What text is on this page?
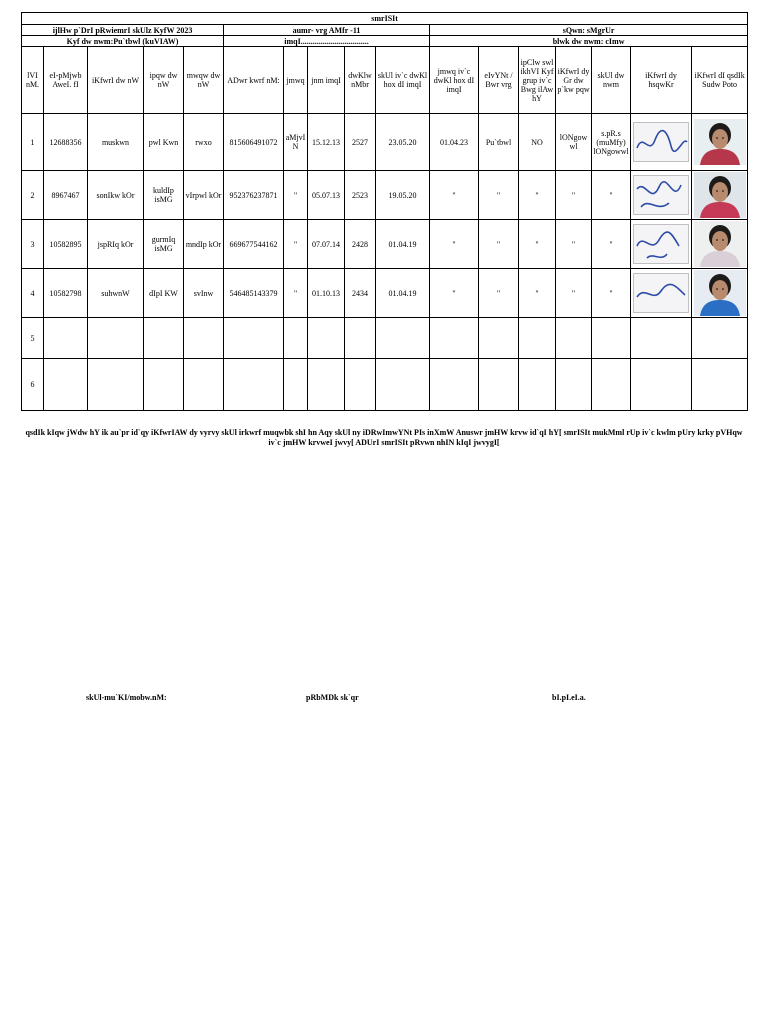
smrISIt																
ijlHw p`DrI pRwiemrI skUlz KyfW 2023					aumr- vrg AMfr -11					sQwn: sMgrUr						
Kyf dw nwm:Pu`tbwl (kuVIAW)					imqI..................................					blwk dw nwm: cImw						
lVI nM.	eI-pMjwb AweI. fI	iKfwrI dw nW	ipqw dw nW	mwqw dw nW	ADwr kwrf nM:	jmwq	jnm imqI	dwKlw nMbr	skUl iv`c dwKl hox dI imqI	jmwq iv`c dwKl hox dI imqI	eIvYNt / Bwr vrg	ipClw swl ikhVI Kyf grup iv`c Bwg ilAw hY	iKfwrI dy Gr dw p`kw pqw	skUl dw nwm	iKfwrI dy hsqwKr	iKfwrI dI qsdIk Sudw Poto
1	12688356	muskwn	pwl Kwn	rwxo	815606491072	aMjvIN	15.12.13	2527	23.05.20	01.04.23	Pu`tbwl	NO	lONgowwl	s.pR.s (muMfy) lONgowwl	

2	8967467	sonIkw kOr	kuldIp isMG	vIrpwl kOr	952376237871	"	05.07.13	2523	19.05.20	"	"	"	"	"	

3	10582895	jspRIq kOr	gurmIq isMG	mndIp kOr	669677544162	"	07.07.14	2428	01.04.19	"	"	"	"	"	

4	10582798	suhwnW	dIpI KW	svInw	546485143379	"	01.10.13	2434	01.04.19	"	"	"	"	"	

5																
6																
qsdIk kIqw jWdw hY ik au`pr id`qy iKfwrIAW dy vyrvy skUl irkwrf muqwbk shI hn Aqy skUl ny iDRwImwYNt PIs inXmW Anuswr jmHW krvw id`qI hY[ smrISIt mukMml rUp iv`c kwlm pUry krky pVHqw iv`c jmHW krvweI jwvy[ ADUrI smrISIt pRvwn nhIN kIqI jwvygI[
skUl-mu`KI/mobw.nM:	pRbMDk sk`qr	bI.pI.eI.a.
